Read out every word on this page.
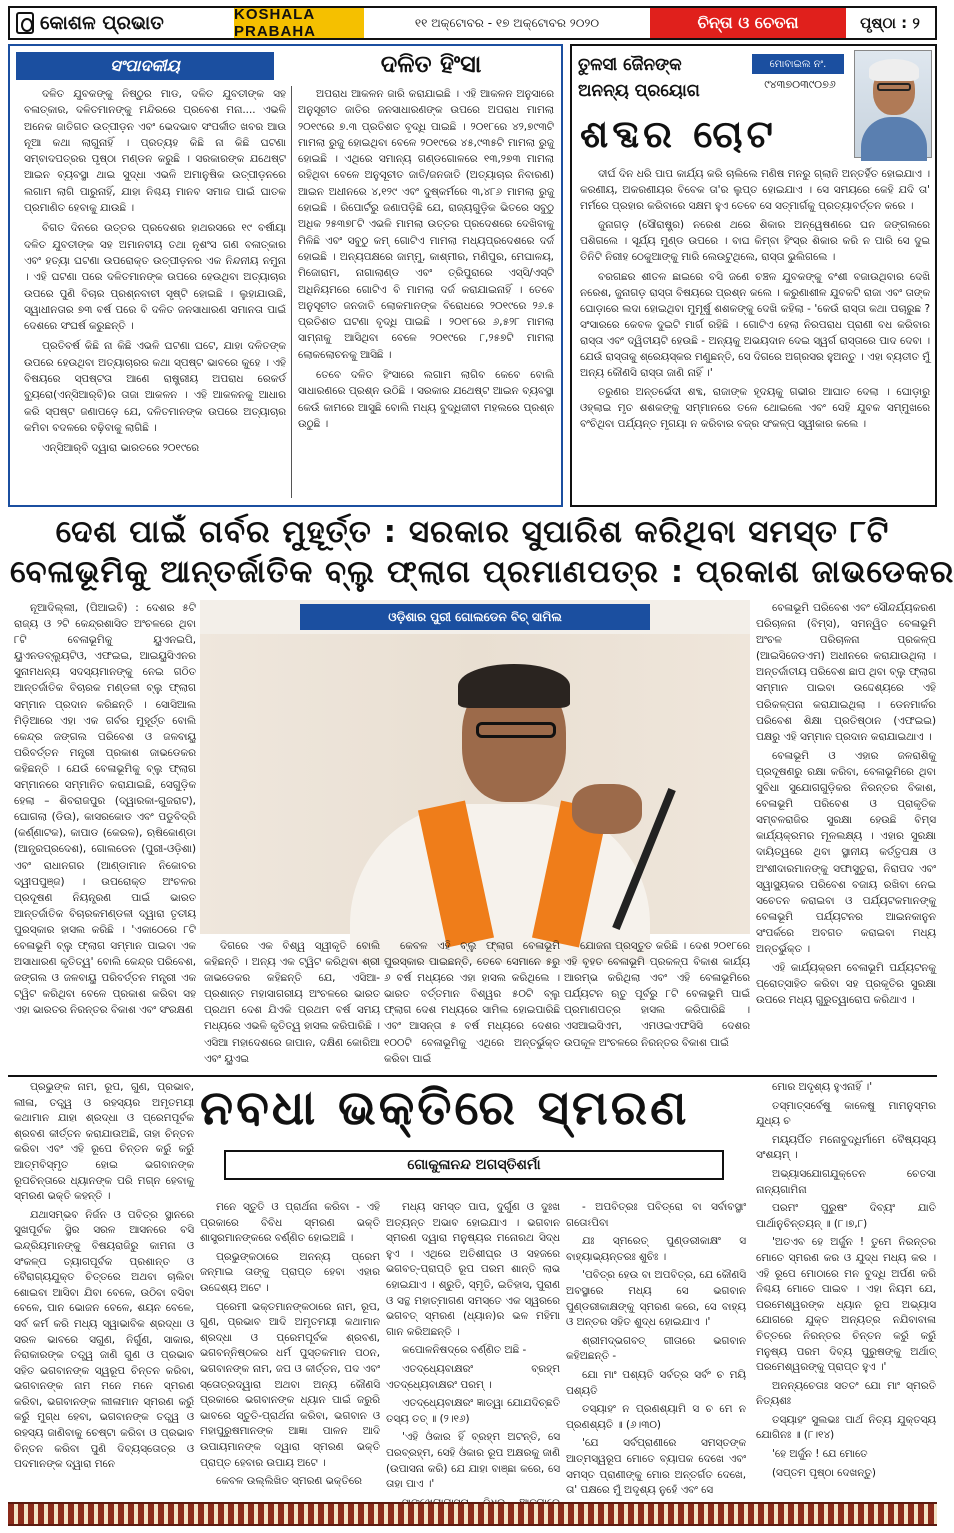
କୋଶଳ ପ୍ରଭାତ	KOSHALA PRABAHA
୧୧ ଅକ୍ଟୋବର - ୧୭ ଅକ୍ଟୋବର ୨୦୨୦	ଚିନ୍ତା ଓ ଚେତନା	ପୃଷ୍ଠା : ୨
ସଂପାଦକୀୟ	ଦଳିତ ହିଂସା

ଦଳିତ ଯୁବକଙ୍କୁ ନିଷ୍ଠୁର ମାଡ, ଦଳିତ ଯୁବତୀଙ୍କ ସହ ବଳାତ୍କାର, ଦଳିତମାନଙ୍କୁ ମନ୍ଦିରରେ ପ୍ରବେଶ ମନା.... ଏଭଳି ଅନେକ ଜାତିଗତ ଉତ୍ପୀଡ଼ନ ଏବଂ ଭେଦଭାବ ସଂପର୍କୀତ ଖବର ଆଉ ନୂଆ କଥା ଲାଗୁନାହିଁ । ପ୍ରତ୍ୟହ କିଛି ନା କିଛି ଘଟଣା ସମ୍ବାଦପତ୍ରର ପୃଷ୍ଠା ମଣ୍ଡନ କରୁଛି । ସରକାରଙ୍କ ଯଥେଷ୍ଟ ଆଇନ ବ୍ୟବସ୍ଥା ଥାଇ ସୁଦ୍ଧା ଏଭଳି ଅମାନୁଷିକ ଉତ୍ପୀଡ଼ନରେ ଲଗାମ ଲାଗି ପାରୁନାହିଁ, ଯାହା ନିଶ୍ଚୟ ମାନବ ସମାଜ ପାଇଁ ଘାତକ ପ୍ରମାଣିତ ହେବାକୁ ଯାଉଛି ।

ବିଗତ ଦିନରେ ଉତ୍ତର ପ୍ରଦେଶର ହାଥରସରେ ୧୯ ବର୍ଷୀୟା ଦଳିତ ଯୁବତୀଙ୍କ ସହ ଅମାନବୀୟ ତଥା ନୃଶଂସ ଗଣ ବଳାତ୍କାର ଏବଂ ହତ୍ୟା ଘଟଣା ଉପରୋକ୍ତ ଉତ୍ପୀଡ଼ନର ଏକ ନିନ୍ଦନୀୟ ନମୁନା । ଏହି ଘଟଣା ପରେ ଦଳିତମାନଙ୍କ ଉପରେ ହେଉଥିବା ଅତ୍ୟାଚାର ଉପରେ ପୁଣି ବିଚାର ପ୍ରଶ୍ନବାଚୀ ସୃଷ୍ଟି ହୋଇଛି । ଲୁହାଯାଉଛି, ସ୍ୱାଧୀନତାର ୭୩ ବର୍ଷ ପରେ ବି ଦଳିତ ଜନସାଧାରଣ ସମାନତା ପାଇଁ ଦେଶରେ ସଂଘର୍ଷ କରୁଛନ୍ତି ।

ପ୍ରତିବର୍ଷ କିଛି ନା କିଛି ଏଭଳି ଘଟଣା ଘଟେ, ଯାହା ଦଳିତଙ୍କ ଉପରେ ହେଉଥିବା ଅତ୍ୟାଚାରର କଥା ସ୍ପଷ୍ଟ ଭାବରେ କୁହେ । ଏହି ବିଷୟରେ ସ୍ପଷ୍ଟତା ଆଣେ ରାଷ୍ଟ୍ରୀୟ ଅପରାଧ ରେକର୍ଡ ବ୍ୟୁରୋ(ଏନ୍‌ସିଆର୍‌ବି)ର ତାଜା ଆକଳନ । ଏହି ଆକଳନକୁ ଆଧାର କରି ସ୍ପଷ୍ଟ ଜଣାପଡ଼େ ଯେ, ଦଳିତମାନଙ୍କ ଉପରେ ଅତ୍ୟାଚାର କମିବା ବଦଳରେ ବଢ଼ିବାକୁ ଲାଗିଛି ।

ଏନ୍‌ସିଆର୍‌ବି ଦ୍ୱାରା ଭାରତରେ ୨୦୧୯ରେ

ଅପରାଧ ଆକଳନ ଜାରି କରାଯାଇଛି । ଏହି ଆକଳନ ଅନୁସାରେ ଅନୁସୂଚୀତ ଜାତିର ଜନସାଧାରଣଙ୍କ ଉପରେ ଅପରାଧ ମାମଲା ୨୦୧୯ରେ ୭.୩ ପ୍ରତିଶତ ବୃଦ୍ଧି ପାଇଛି । ୨୦୧୮ରେ ୪୨,୭୯୩ଟି ମାମଲା ରୁଜୁ ହୋଇଥିବା ବେଳେ ୨୦୧୯ରେ ୪୫,୯୩୫ଟି ମାମଲା ରୁଜୁ ହୋଇଛି । ଏଥିରେ ସମାନ୍ୟ ଗଣ୍ଡଗୋଳରେ ୧୩,୨୭୩ ମାମଲା ରହିଥିବା ବେଳେ ଅନୁସୂଚୀତ ଜାତି/ଜନଜାତି (ଅତ୍ୟାଚାର ନିବାରଣ) ଆଇନ ଅଧୀନରେ ୪,୧୨୯ ଏବଂ ଦୁଷ୍କର୍ମରେ ୩,୪୮୬ ମାମଲା ରୁଜୁ ହୋଇଛି । ରିପୋର୍ଟରୁ ଜଣାପଡ଼ିଛି ଯେ, ରାଜ୍ୟଗୁଡ଼ିକ ଭିତରେ ସବୁଠୁ ଅଧିକ ୨୫୩୭୮ଟି ଏଭଳି ମାମଲା ଉତ୍ତର ପ୍ରଦେଶରେ ଦେଖିବାକୁ ମିଳିଛି ଏବଂ ସବୁଠୁ କମ୍ ଗୋଟିଏ ମାମଲା ମଧ୍ୟପ୍ରଦେଶରେ ଦର୍ଜ ହୋଇଛି । ଅନ୍ୟପକ୍ଷରେ ଜାମ୍ମୁ, କାଶ୍ମୀର, ମଣିପୁର, ମେଘାଳୟ, ମିଜୋରାମ, ନାଗାଲାଣ୍ଡ ଏବଂ ତ୍ରିପୁରାରେ ଏସ୍‌ସି/ଏସ୍‌ଟି ଅଧିନିୟମରେ ଗୋଟିଏ ବି ମାମଲା ଦର୍ଜ କରାଯାଇନାହିଁ । ତେବେ ଅନୁସୂଚୀତ ଜନଜାତି ଲୋକମାନଙ୍କ ବିରୋଧରେ ୨୦୧୯ରେ ୨୬.୫ ପ୍ରତିଶତ ଘଟଣା ବୃଦ୍ଧି ପାଇଛି । ୨୦୧୮ରେ ୬,୫୨୮ ମାମଲା ସାମ୍ନାକୁ ଆସିଥିବା ବେଳେ ୨୦୧୯ରେ ୮,୨୫୭ଟି ମାମଲା ଲୋକଲୋଚନକୁ ଆସିଛି ।

ତେବେ ଦଳିତ ହିଂସାରେ ଲଗାମ ଲାଗିବ କେବେ ବୋଲି ସାଧାରଣରେ ପ୍ରଶ୍ନ ଉଠିଛି । ସରକାର ଯଥେଷ୍ଟ ଆଇନ ବ୍ୟବସ୍ଥା କେଉଁ କାମରେ ଆସୁଛି ବୋଲି ମଧ୍ୟ ବୁଦ୍ଧିଜୀବୀ ମହଲରେ ପ୍ରଶ୍ନ ଉଠୁଛି ।

ତୁଳସୀ ଜୈନଙ୍କ
ଅନନ୍ୟ ପ୍ରୟୋଗ
ମୋବାଇଲ ନଂ.
୯୪୩୭୦୩୯୦୭୬
ଶବ୍ଦର ଚୋଟ

ଦୀର୍ଘ ଦିନ ଧରି ପାପ କାର୍ଯ୍ୟ କରି ଚାଲିଲେ ମଣିଷ ମନରୁ ଗ୍ଲାନି ଅନ୍ତର୍ହିତ ହୋଇଯାଏ । କରଣୀୟ, ଅକରଣୀୟର ବିବେକ ତା'ର ଲୁପ୍ତ ହୋଇଯାଏ । ସେ ସମୟରେ କେହି ଯଦି ତା' ମର୍ମରେ ପ୍ରହାର କରିବାରେ ସକ୍ଷମ ହୁଏ ତେବେ ସେ ସତ୍‌ମାର୍ଗକୁ ପ୍ରତ୍ୟାବର୍ତ୍ତନ କରେ ।

ଜୁନାଗଡ଼ (ସୌରାଷ୍ଟ୍ର) ନରେଶ ଥରେ ଶିକାର ଅନ୍ୱେଷଣରେ ଘନ ଜଙ୍ଗଲରେ ପଶିଗଲେ । ସୂର୍ଯ୍ୟ ମୁଣ୍ଡ ଉପରେ । ବାଘ କିମ୍ବା ହିଂସ୍ର ଶିକାର କରି ନ ପାରି ସେ ଦୁଇ ତିନିଟି ନିରୀହ ଠେକୁଆଙ୍କୁ ମାରି ଲେଉଟୁଥିଲେ, ରାସ୍ତା ଭୁଲିଗଲେ ।

ବରଗଛର ଶୀତଳ ଛାଇରେ ବସି ଜଣେ ଚଞ୍ଚଳ ଯୁବକଙ୍କୁ ବଂଶୀ ବଜାଉଥିବାର ଦେଖି ନରେଶ, ଜୁନାଗଡ଼ ରାସ୍ତା ବିଷୟରେ ପ୍ରଶ୍ନ କଲେ । କରୁଣାଶୀଳ ଯୁବକଟି ରାଜା ଏବଂ ତାଙ୍କ ଘୋଡ଼ାରେ ଲଦା ହୋଇଥିବା ମୁମୂର୍ଷୁ ଶଶକଙ୍କୁ ଦେଖି କହିଲା - 'କେଉଁ ରାସ୍ତା କଥା ପଚାରୁଛ ? ସଂସାରରେ କେବଳ ଦୁଇଟି ମାର୍ଗ ରହିଛି । ଗୋଟିଏ ହେଲା ନିରପରାଧ ପ୍ରାଣୀ ବଧ କରିବାର ରାସ୍ତା ଏବଂ ଦ୍ୱିତୀୟଟି ହେଉଛି - ଅନ୍ୟକୁ ଅଭୟଦାନ ଦେଇ ସ୍ୱର୍ଗ ରାସ୍ତାରେ ପାଦ ଦେବା । ଯେଉଁ ରାସ୍ତାକୁ ଶ୍ରେୟସ୍କର ମଣୁଛନ୍ତି, ସେ ଦିଗରେ ଅଗ୍ରସର ହୁଅନ୍ତୁ । ଏହା ବ୍ୟତୀତ ମୁଁ ଅନ୍ୟ କୌଣସି ରାସ୍ତା ଜାଣି ନାହିଁ ।'

ତରୁଣର ଅନ୍ତର୍ଭେଦୀ ଶବ୍ଦ, ରାଜାଙ୍କ ହୃଦୟକୁ ଗଭୀର ଆଘାତ ଦେଲା । ଘୋଡ଼ାରୁ ଓହ୍ଲାଇ ମୃତ ଶଶକଙ୍କୁ ସମ୍ମାନରେ ତଳେ ଥୋଇଲେ ଏବଂ ସେହି ଯୁବକ ସମ୍ମୁଖରେ ବଂଚିଥିବା ପର୍ଯ୍ୟନ୍ତ ମୃଗୟା ନ କରିବାର ବଜ୍ର ସଂକଳ୍ପ ସ୍ୱୀକାର କଲେ ।

ଦେଶ ପାଇଁ ଗର୍ବର ମୁହୂର୍ତ୍ତ : ସରକାର ସୁପାରିଶ କରିଥିବା ସମସ୍ତ ୮ଟି
ବେଳାଭୂମିକୁ ଆନ୍ତର୍ଜାତିକ ବ୍ଲୁ ଫ୍ଲାଗ ପ୍ରମାଣପତ୍ର : ପ୍ରକାଶ ଜାଭଡେକର

ନୂଆଦିଲ୍ଲୀ, (ପିଆଇବି) : ଦେଶର ୫ଟି ରାଜ୍ୟ ଓ ୨ଟି କେନ୍ଦ୍ରଶାସିତ ଅଂଚଳରେ ଥିବା ୮ଟି ବେଳାଭୂମିକୁ ୟୁଏନଇପି, ୟୁଏନଡବ୍ଲ୍ୟୁଟିଓ, ଏଫଇଇ, ଆଇୟୁସିଏନର ସୁନାମଧନ୍ୟ ସଦସ୍ୟମାନଙ୍କୁ ନେଇ ଗଠିତ ଆନ୍ତର୍ଜାତିକ ବିଚାରକ ମଣ୍ଡଳୀ ବ୍ଲୁ ଫ୍ଲାଗ ସମ୍ମାନ ପ୍ରଦାନ କରିଛନ୍ତି । ସୋସିଆଲ ମିଡ଼ିଆରେ ଏହା ଏକ ଗର୍ବର ମୁହୂର୍ତ୍ତ ବୋଲି କେନ୍ଦ୍ର ଜଙ୍ଗଲ ପରିବେଶ ଓ ଜଳବାୟୁ ପରିବର୍ତ୍ତନ ମନ୍ତ୍ରୀ ପ୍ରକାଶ ଜାଭଡେକର କହିଛନ୍ତି । ଯେଉଁ ବେଳାଭୂମିକୁ ବ୍ଲୁ ଫ୍ଲାଗ ସମ୍ମାନରେ ସମ୍ମାନିତ କରାଯାଇଛି, ସେଗୁଡ଼ିକ ହେଲା – ଶିବରାଜପୁର (ଦ୍ୱାରକା-ଗୁଜରାଟ), ଘୋଗଲା (ଡିଉ), କାସରକୋଡ ଏବଂ ପଡୁବିଦ୍ରି (କର୍ଣ୍ଣାଟକ), କାପାଡ (କେରଳ), ଋଷିକୋଣ୍ଡା (ଆନ୍ଧ୍ରପ୍ରଦେଶ), ଗୋଲଡେନ (ପୁରୀ-ଓଡ଼ିଶା) ଏବଂ ରାଧାନଗର (ଆଣ୍ଡାମାନ ନିକୋବର ଦ୍ୱୀପପୁଞ୍ଜ) । ଉପରୋକ୍ତ ଅଂଚଳର ପ୍ରଦୂଷଣ ନିୟନ୍ତ୍ରଣ ପାଇଁ ଭାରତ ଆନ୍ତର୍ଜାତିକ ବିଚାରକମଣ୍ଡଳୀ ଦ୍ୱାରା ତୃତୀୟ ପୁରସ୍କାର ହାସଲ କରିଛି । 'ଏକାଠେରେ ୮ଟି ବେଳାଭୂମି ବ୍ଲୁ ଫ୍ଲାଗ ସମ୍ମାନ ପାଇବା ଏକ ଅସାଧାରଣ କୃତିତ୍ୱ' ବୋଲି କେନ୍ଦ୍ର ପରିବେଶ, ଜଙ୍ଗଲ ଓ ଜଳବାୟୁ ପରିବର୍ତ୍ତନ ମନ୍ତ୍ରୀ ଏକ ଟ୍ୱିଟ କରିଥିବା ବେଳେ ପ୍ରକାଶ କରିବା ସହ ଏହା ଭାରତର ନିରନ୍ତର ବିକାଶ ଏବଂ ସଂରକ୍ଷଣ

ଓଡ଼ିଶାର ପୁରୀ ଗୋଲଡେନ ବିଚ୍ ସାମିଲ

ବେଳାଭୂମି ପରିବେଶ ଏବଂ ସୌନ୍ଦର୍ଯ୍ୟକରଣ ପରିଚାଳନା (ବିମ୍ସ), ସମନ୍ୱିତ ବେଳାଭୂମି ଅଂଚଳ ପରିଚାଳନା ପ୍ରକଳ୍ପ (ଆଇସିଜେଡଏମ) ଅଧୀନରେ କରାଯାଉଥିଲା । ଅନ୍ତର୍ଜାତୀୟ ପରିବେଶ ଛାପ ଥିବା ବ୍ଲୁ ଫ୍ଲାଗ ସମ୍ମାନ ପାଇବା ଉଦ୍ଦେଶ୍ୟରେ ଏହି ପରିକଳ୍ପନା କରାଯାଇଥିଲା । ଡେନମାର୍କର ପରିବେଶ ଶିକ୍ଷା ପ୍ରତିଷ୍ଠାନ (ଏଫଇଇ) ପକ୍ଷରୁ ଏହି ସମ୍ମାନ ପ୍ରଦାନ କରାଯାଇଥାଏ ।

ବେଳାଭୂମି ଓ ଏହାର ଜଳରାଶିକୁ ପ୍ରଦୂଷଣରୁ ରକ୍ଷା କରିବା, ବେଳାଭୂମିରେ ଥିବା ସୁବିଧା ସୁଯୋଗଗୁଡ଼ିକର ନିରନ୍ତର ବିକାଶ, ବେଳାଭୂମି ପରିବେଶ ଓ ପ୍ରାକୃତିକ ସମ୍ବଳରାଜିର ସୁରକ୍ଷା ହେଉଛି ବିମ୍ସ କାର୍ଯ୍ୟକ୍ରମର ମୂଳଲକ୍ଷ୍ୟ । ଏହାର ସୁରକ୍ଷା ଦାୟିତ୍ୱରେ ଥିବା ସ୍ଥାନୀୟ କର୍ତ୍ତୃପକ୍ଷ ଓ ଅଂଶୀଦାରମାନଙ୍କୁ ସଫାସୁତୁରା, ନିରାପଦ ଏବଂ ସ୍ୱାସ୍ଥ୍ୟକର ପରିବେଶ ବଜାୟ ରଖିବା ନେଇ ସଚେତନ କରାଇବା ଓ ପର୍ଯ୍ୟଟକମାନଙ୍କୁ ବେଳାଭୂମି ପର୍ଯ୍ୟଟନର ଆଇନକାନୁନ ସଂପର୍କରେ ଅବଗତ କରାଇବା ମଧ୍ୟ ଅନ୍ତର୍ଭୁକ୍ତ ।

ଏହି କାର୍ଯ୍ୟକ୍ରମ ବେଳାଭୂମି ପର୍ଯ୍ୟଟନକୁ ପ୍ରୋତ୍ସାହିତ କରିବା ସହ ପ୍ରକୃତିର ସୁରକ୍ଷା ଉପରେ ମଧ୍ୟ ଗୁରୁତ୍ୱାରୋପ କରିଥାଏ ।

ଦିଗରେ ଏକ ବିଶ୍ୱ ସ୍ୱୀକୃତି ବୋଲି କହିଛନ୍ତି । ଅନ୍ୟ ଏକ ଟ୍ୱିଟ କରିଥିବା ଶ୍ରୀ ଜାଭଡେକର କହିଛନ୍ତି ଯେ, ଏସିଆ-ପ୍ରଶାନ୍ତ ମହାସାଗରୀୟ ଅଂଚଳରେ ଭାରତ ପ୍ରଥମ ଦେଶ ଯିଏକି ପ୍ରଥମ ବର୍ଷ ସମୟ ମଧ୍ୟରେ ଏଭଳି କୃତିତ୍ୱ ହାସଲ କରିପାରିଛି । ଏସିଆ ମହାଦେଶରେ ଜାପାନ, ଦକ୍ଷିଣ କୋରିଆ ଏବଂ ୟୁଏଇ

କେବଳ ଏହି ବ୍ଲୁ ଫ୍ଲାଗ ବେଳାଭୂମି ପୁରସ୍କାର ପାଇଛନ୍ତି, ତେବେ ସେମାନେ ୫ରୁ ୬ ବର୍ଷ ମଧ୍ୟରେ ଏହା ହାସଲ କରିଥିଲେ । ଭାରତ ବର୍ତ୍ତମାନ ବିଶ୍ୱର ୫୦ଟି ବ୍ଲୁ ଫ୍ଲାଗ ଦେଶ ମଧ୍ୟରେ ସାମିଲ ହୋଇପାରିଛି ଏବଂ ଆସନ୍ତା ୫ ବର୍ଷ ମଧ୍ୟରେ ଦେଶର ୧୦୦ଟି ବେଳାଭୂମିକୁ ଏଥିରେ ଅନ୍ତର୍ଭୁକ୍ତ କରିବା ପାଇଁ

ଯୋଜନା ପ୍ରସ୍ତୁତ କରିଛି । ଦେଶ ୨୦୧୮ରେ ଏହି ବୃହତ ବେଳାଭୂମି ପ୍ରକଳ୍ପ ବିକାଶ କାର୍ଯ୍ୟ ଆରମ୍ଭ କରିଥିଲା ଏବଂ ଏହି ବେଳାଭୂମିରେ ପର୍ଯ୍ୟଟନ ଋତୁ ପୂର୍ବରୁ ୮ଟି ବେଳାଭୂମି ପାଇଁ ପ୍ରମାଣପତ୍ର ହାସଲ କରିପାରିଛି । ଏସଆଇସିଏମ, ଏମଓଇଏଫସିସି ଦେଶର ଉପକୂଳ ଅଂଚଳରେ ନିରନ୍ତର ବିକାଶ ପାଇଁ

ପ୍ରଭୁଙ୍କ ନାମ, ରୂପ, ଗୁଣ, ପ୍ରଭାବ, ଲୀଳା, ତତ୍ତ୍ୱ ଓ ରହସ୍ୟର ଅମୃତମୟୀ କଥାମାନ ଯାହା ଶ୍ରଦ୍ଧା ଓ ପ୍ରେମପୂର୍ବକ ଶ୍ରବଣ କୀର୍ତ୍ତନ କରାଯାଉଅଛି, ତାହା ଚିନ୍ତନ କରିବା ଏବଂ ଏହି ରୂପେ ଚିନ୍ତନ କରୁଁ କରୁଁ ଆତ୍ମବିସ୍ମୃତ ହୋଇ ଭଗବାନଙ୍କ ରୂପଚିନ୍ତାରେ ଧ୍ୟାନଙ୍କ ପରି ମଗ୍ନ ହେବାକୁ ସ୍ମରଣ ଭକ୍ତି କହନ୍ତି ।

ଯଥାସମ୍ଭବ ନିର୍ଜନ ଓ ପବିତ୍ର ସ୍ଥାନରେ ସୁଖପୂର୍ବକ ସ୍ଥିର ସରଳ ଆସନରେ ବସି ଇନ୍ଦ୍ରିୟମାନଙ୍କୁ ବିଷୟରାଜିରୁ କାମନା ଓ ସଂକଳ୍ପ ତ୍ୟାଗପୂର୍ବକ ପ୍ରଶାନ୍ତ ଓ ବୈରାଗ୍ୟଯୁକ୍ତ ଚିତ୍ତରେ ଅଥବା ଚାଲିବା ଶୋଇବା ଆସିବା ଯିବା ବେଳେ, ଉଠିବା ବସିବା ବେଳେ, ପାନ ଭୋଜନ ବେଳେ, ଶୟନ ବେଳେ, ସର୍ବ କର୍ମ କରି ମଧ୍ୟ ସ୍ୱାଭାବିକ ଶ୍ରଦ୍ଧା ଓ ସରଳ ଭାବରେ ସଗୁଣ, ନିର୍ଗୁଣ, ସାକାର, ନିରାକାରଙ୍କ ତତ୍ତ୍ୱ ଜାଣି ଗୁଣ ଓ ପ୍ରଭାବ ସହିତ ଭଗବାନଙ୍କ ସ୍ୱରୂପ ଚିନ୍ତନ କରିବା, ଭଗବାନଙ୍କ ନାମ ମନେ ମନେ ସ୍ମରଣ କରିବା, ଭଗବାନଙ୍କ ଲୀଳାମାନ ସ୍ମରଣ କରୁଁ କରୁଁ ମୁଗ୍ଧ ହେବା, ଭଗବାନଙ୍କ ତତ୍ତ୍ୱ ଓ ରହସ୍ୟ ଜାଣିବାକୁ ଚେଷ୍ଟା କରିବା ଓ ପ୍ରଭାବ ଚିନ୍ତନ କରିବା ପୁଣି ଦିବ୍ୟସ୍ତୋତ୍ର ଓ ପଦମାନଙ୍କ ଦ୍ୱାରା ମନେ

ନବଧା ଭକ୍ତିରେ ସ୍ମରଣ
ଗୋକୁଳାନନ୍ଦ ଅଗସ୍ତିଶର୍ମା

ମନେ ସ୍ତୁତି ଓ ପ୍ରାର୍ଥନା କରିବା - ଏହି ପ୍ରକାରେ ବିବିଧ ସ୍ମରଣ ଭକ୍ତି ଶାସ୍ତ୍ରମାନଙ୍କରେ ବର୍ଣ୍ଣିତ ହୋଇଅଛି ।

ପ୍ରଭୁଙ୍କଠାରେ ଅନନ୍ୟ ପ୍ରେମ ଜନ୍ମାଇ ତାଙ୍କୁ ପ୍ରାପ୍ତ ହେବା ଏହାର ଉଦ୍ଦେଶ୍ୟ ଅଟେ ।

ପ୍ରେମୀ ଭକ୍ତମାନଙ୍କଠାରେ ନାମ, ରୂପ, ଗୁଣ, ପ୍ରଭାବ ଆଦି ଅମୃତମୟୀ କଥାମାନ ଶ୍ରଦ୍ଧା ଓ ପ୍ରେମପୂର୍ବକ ଶ୍ରବଣ, ଭଗବନ୍ନିଷ୍ଠକର ଧର୍ମ ପୁସ୍ତକମାନ ପଠନ, ଭଗବାନଙ୍କ ନାମ, ଜପ ଓ କୀର୍ତ୍ତନ, ପଦ ଏବଂ ସ୍ତୋତ୍ରଦ୍ୱାରା ଅଥବା ଅନ୍ୟ କୌଣସି ପ୍ରକାରେ ଭଗବାନଙ୍କ ଧ୍ୟାନ ପାଇଁ ଜରୁରି ଭାବରେ ସ୍ତୁତି-ପ୍ରାର୍ଥନା କରିବା, ଭଗବାନ ଓ ମହାପୁରୁଷମାନଙ୍କ ଆଜ୍ଞା ପାଳନ ଆଦି ଉପାୟମାନଙ୍କ ଦ୍ୱାରା ସ୍ମରଣ ଭକ୍ତି ପ୍ରାପ୍ତ ହେବାର ଉପାୟ ଅଟେ ।

କେବଳ ଉଲ୍ଲିଖିତ ସ୍ମରଣ ଭକ୍ତିରେ

ମଧ୍ୟ ସମସ୍ତ ପାପ, ଦୁର୍ଗୁଣ ଓ ଦୁଃଖ ଅତ୍ୟନ୍ତ ଅଭାବ ହୋଇଯାଏ । ଭଗବାନ ସ୍ମରଣ ଦ୍ୱାରା ମନୁଷ୍ୟର ମନୋରଥ ସିଦ୍ଧ ହୁଏ । ଏଥିରେ ଅତିଶୀଘ୍ର ଓ ସହଜରେ ଭଗବତ୍-ପ୍ରାପ୍ତି ରୂପ ପରମ ଶାନ୍ତି ଲାଭ ହୋଇଯାଏ । ଶ୍ରୁତି, ସ୍ମୃତି, ଇତିହାସ, ପୁରାଣ ଓ ସନ୍ଥ ମହାତ୍ମାଗଣ ସମସ୍ତେ ଏକ ସ୍ୱରରେ ଭଗବତ୍ ସ୍ମରଣ (ଧ୍ୟାନ)ର ଭଳ ମହିମା ଗାନ କରିଅଛନ୍ତି ।

କପୋଳନିଷଦ୍‌ରେ ବର୍ଣ୍ଣିତ ଅଛି -

ଏତଦ୍ଧ୍ୟେବାକ୍ଷରଂ ବ୍ରହ୍ମ ଏତଦ୍ଧ୍ୟେବାକ୍ଷରଂ ପରମ୍ ।

ଏତଦ୍ଧ୍ୟେବାକ୍ଷରଂ ଜ୍ଞାତ୍ୱା ଯୋଯଦିଚ୍ଛତି ତସ୍ୟ ତତ୍ ॥ (୨।୧୬)

'ଏହି ଓଁକାର ହିଁ ବ୍ରହ୍ମ ଅଟନ୍ତି, ସେ ପରବ୍ରହ୍ମ, ସେହି ଓଁକାର ରୂପ ଅକ୍ଷରକୁ ଜାଣି (ଉପାସନା କରି) ଯେ ଯାହା ବାଞ୍ଛା କରେ, ସେ ତାହା ପାଏ ।'

- ଅପବିତ୍ରଃ ପବିତ୍ରୋ ବା ସର୍ବାବସ୍ଥାଂ ଗତୋଽପିବା

ଯଃ ସ୍ମରେତ୍ ପୁଣ୍ଡରୀକାକ୍ଷଂ ସ ବାହ୍ୟାଭ୍ୟନ୍ତରଃ ଶୁଚିଃ ।

'ପବିତ୍ର ହେଉ ବା ଅପବିତ୍ର, ଯେ କୌଣସି ଅବସ୍ଥାରେ ମଧ୍ୟ ସେ ଭଗବାନ ପୁଣ୍ଡରୀକାକ୍ଷଙ୍କୁ ସ୍ମରଣ କରେ, ସେ ବାହ୍ୟ ଓ ଅନ୍ତର ସହିତ ଶୁଦ୍ଧ ହୋଇଯାଏ ।'

ଶ୍ରୀମଦ୍‌ଭଗବତ୍ ଗୀତାରେ ଭଗବାନ କହିଅଛନ୍ତି -

ଯୋ ମାଂ ପଶ୍ୟତି ସର୍ବତ୍ର ସର୍ବଂ ଚ ମୟି ପଶ୍ୟତି

ତସ୍ୟାହଂ ନ ପ୍ରଣଶ୍ୟାମି ସ ଚ ମେ ନ ପ୍ରଣଶ୍ୟତି ॥ (୬।୩୦)

'ଯେ ସର୍ବପ୍ରାଣୀରେ ସମସ୍ତଙ୍କ ଆତ୍ମସ୍ୱରୂପ ମୋତେ ବ୍ୟାପକ ଦେଖେ ଏବଂ ସମସ୍ତ ପ୍ରାଣୀଙ୍କୁ ମୋର ଅନ୍ତର୍ଗତ ଦେଖେ, ତା' ପକ୍ଷରେ ମୁଁ ଅଦୃଶ୍ୟ ନୁହେଁ ଏବଂ ସେ

ମୋର ଅଦୃଶ୍ୟ ହୁଏନାହିଁ ।'

ତସ୍ମାତ୍‌ସର୍ବେଷୁ କାଳେଷୁ ମାମନୁସ୍ମର ଯୁଧ୍ୟ ଚ

ମୟ୍ୟର୍ପିତ ମନୋବୁଦ୍ଧିର୍ମାମେ ବୈଷ୍ୟସ୍ୟ ସଂଶୟମ୍ ।

ଅଭ୍ୟାସଯୋଗଯୁକ୍ତେନ ଚେତସା ନାନ୍ୟଗାମିନା

ପରମଂ ପୁରୁଷଂ ଦିବ୍ୟଂ ଯାତି ପାର୍ଥାନୁଚିନ୍ତୟନ୍ ॥ (୮।୭,୮)

'ଅତଏବ ହେ ଅର୍ଜୁନ ! ତୁମେ ନିରନ୍ତର ମୋତେ ସ୍ମରଣ କର ଓ ଯୁଦ୍ଧ ମଧ୍ୟ କର । ଏହି ରୂପେ ମୋଠାରେ ମନ ବୁଦ୍ଧି ଅର୍ପଣ କରି ନିଶ୍ଚୟ ମୋତେ ପାଇବ । ଏହା ନିୟମ ଯେ, ପରମେଶ୍ୱରଙ୍କ ଧ୍ୟାନ ରୂପ ଅଭ୍ୟାସ ଯୋଗରେ ଯୁକ୍ତ ଅନ୍ୟତ୍ର ନଯିବାବାଳା ଚିତ୍ତରେ ନିରନ୍ତର ଚିନ୍ତନ କରୁଁ କରୁଁ ମନୁଷ୍ୟ ପରମ ଦିବ୍ୟ ପୁରୁଷଙ୍କୁ ଅର୍ଥାତ୍ ପରମେଶ୍ୱରଙ୍କୁ ପ୍ରାପ୍ତ ହୁଏ ।'

ଅନନ୍ୟଚେତାଃ ସତତଂ ଯୋ ମାଂ ସ୍ମରତି ନିତ୍ୟଶଃ

ତସ୍ୟାହଂ ସୁଲଭଃ ପାର୍ଥ ନିତ୍ୟ ଯୁକ୍ତସ୍ୟ ଯୋଗିନଃ ॥ (୮।୧୪)

'ହେ ଅର୍ଜୁନ ! ଯେ ମୋତେ

(ସପ୍ତମ ପୃଷ୍ଠା ଦେଖନ୍ତୁ)
